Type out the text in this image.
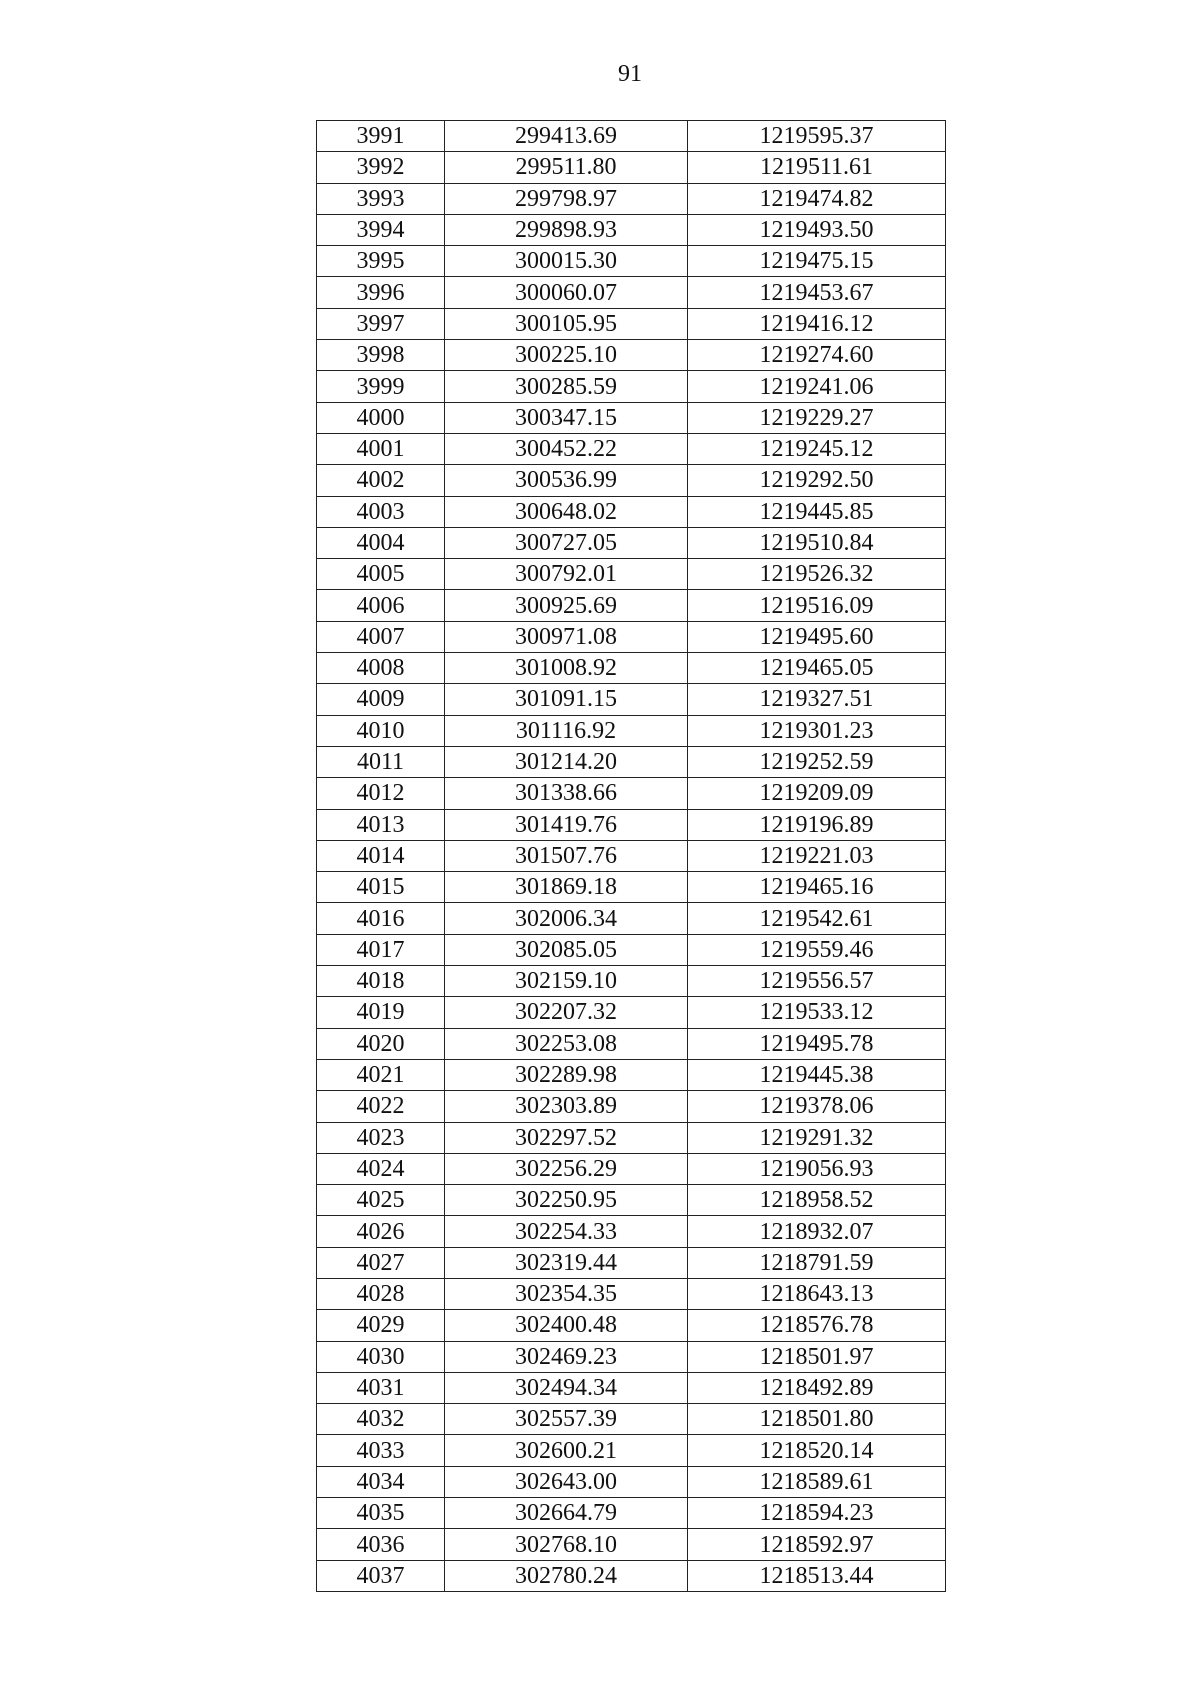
91
3991	299413.69	1219595.37
3992	299511.80	1219511.61
3993	299798.97	1219474.82
3994	299898.93	1219493.50
3995	300015.30	1219475.15
3996	300060.07	1219453.67
3997	300105.95	1219416.12
3998	300225.10	1219274.60
3999	300285.59	1219241.06
4000	300347.15	1219229.27
4001	300452.22	1219245.12
4002	300536.99	1219292.50
4003	300648.02	1219445.85
4004	300727.05	1219510.84
4005	300792.01	1219526.32
4006	300925.69	1219516.09
4007	300971.08	1219495.60
4008	301008.92	1219465.05
4009	301091.15	1219327.51
4010	301116.92	1219301.23
4011	301214.20	1219252.59
4012	301338.66	1219209.09
4013	301419.76	1219196.89
4014	301507.76	1219221.03
4015	301869.18	1219465.16
4016	302006.34	1219542.61
4017	302085.05	1219559.46
4018	302159.10	1219556.57
4019	302207.32	1219533.12
4020	302253.08	1219495.78
4021	302289.98	1219445.38
4022	302303.89	1219378.06
4023	302297.52	1219291.32
4024	302256.29	1219056.93
4025	302250.95	1218958.52
4026	302254.33	1218932.07
4027	302319.44	1218791.59
4028	302354.35	1218643.13
4029	302400.48	1218576.78
4030	302469.23	1218501.97
4031	302494.34	1218492.89
4032	302557.39	1218501.80
4033	302600.21	1218520.14
4034	302643.00	1218589.61
4035	302664.79	1218594.23
4036	302768.10	1218592.97
4037	302780.24	1218513.44
